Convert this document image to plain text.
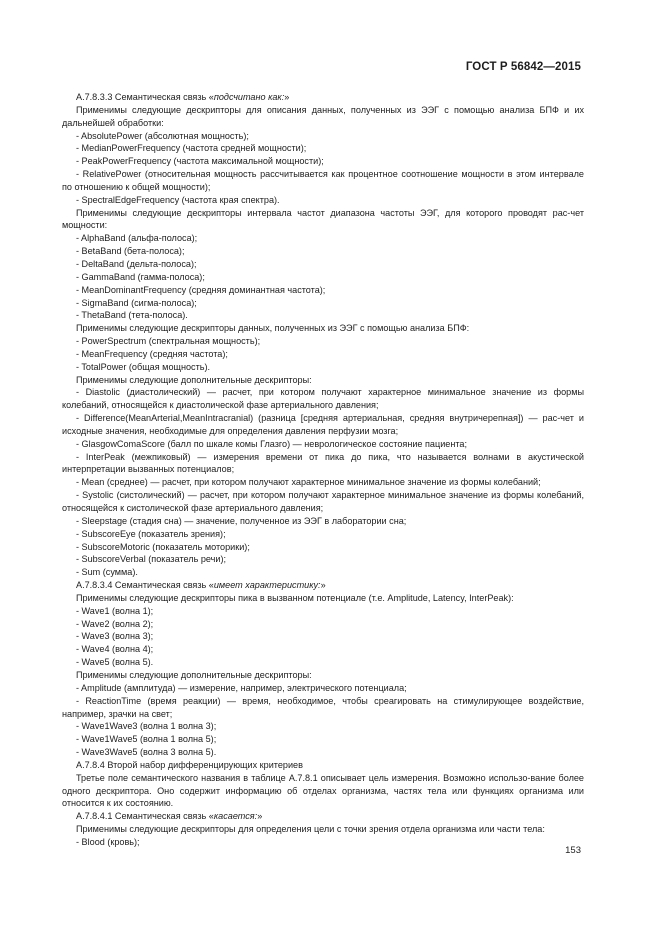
ГОСТ Р 56842—2015
А.7.8.3.3 Семантическая связь «подсчитано как:»
Применимы следующие дескрипторы для описания данных, полученных из ЭЭГ с помощью анализа БПФ и их дальнейшей обработки:
- AbsolutePower (абсолютная мощность);
- MedianPowerFrequency (частота средней мощности);
- PeakPowerFrequency (частота максимальной мощности);
- RelativePower (относительная мощность рассчитывается как процентное соотношение мощности в этом интервале по отношению к общей мощности);
- SpectralEdgeFrequency (частота края спектра).
Применимы следующие дескрипторы интервала частот диапазона частоты ЭЭГ, для которого проводят рас-чет мощности:
- AlphaBand (альфа-полоса);
- BetaBand (бета-полоса);
- DeltaBand (дельта-полоса);
- GammaBand (гамма-полоса);
- MeanDominantFrequency (средняя доминантная частота);
- SigmaBand (сигма-полоса);
- ThetaBand (тета-полоса).
Применимы следующие дескрипторы данных, полученных из ЭЭГ с помощью анализа БПФ:
- PowerSpectrum (спектральная мощность);
- MeanFrequency (средняя частота);
- TotalPower (общая мощность).
Применимы следующие дополнительные дескрипторы:
- Diastolic (диастолический) — расчет, при котором получают характерное минимальное значение из формы колебаний, относящейся к диастолической фазе артериального давления;
- Difference(MeanArterial,MeanIntracranial) (разница [средняя артериальная, средняя внутричерепная]) — рас-чет и исходные значения, необходимые для определения давления перфузии мозга;
- GlasgowComaScore (балл по шкале комы Глазго) — неврологическое состояние пациента;
- InterPeak (межпиковый) — измерения времени от пика до пика, что называется волнами в акустической интерпретации вызванных потенциалов;
- Mean (среднее) — расчет, при котором получают характерное минимальное значение из формы колебаний;
- Systolic (систолический) — расчет, при котором получают характерное минимальное значение из формы колебаний, относящейся к систолической фазе артериального давления;
- Sleepstage (стадия сна) — значение, полученное из ЭЭГ в лаборатории сна;
- SubscoreEye (показатель зрения);
- SubscoreMotoric (показатель моторики);
- SubscoreVerbal (показатель речи);
- Sum (сумма).
А.7.8.3.4 Семантическая связь «имеет характеристику:»
Применимы следующие дескрипторы пика в вызванном потенциале (т.е. Amplitude, Latency, InterPeak):
- Wave1 (волна 1);
- Wave2 (волна 2);
- Wave3 (волна 3);
- Wave4 (волна 4);
- Wave5 (волна 5).
Применимы следующие дополнительные дескрипторы:
- Amplitude (амплитуда) — измерение, например, электрического потенциала;
- ReactionTime (время реакции) — время, необходимое, чтобы среагировать на стимулирующее воздействие, например, зрачки на свет;
- Wave1Wave3 (волна 1 волна 3);
- Wave1Wave5 (волна 1 волна 5);
- Wave3Wave5 (волна 3 волна 5).
А.7.8.4 Второй набор дифференцирующих критериев
Третье поле семантического названия в таблице А.7.8.1 описывает цель измерения. Возможно использо-вание более одного дескриптора. Оно содержит информацию об отделах организма, частях тела или функциях организма или относится к их состоянию.
А.7.8.4.1 Семантическая связь «касается:»
Применимы следующие дескрипторы для определения цели с точки зрения отдела организма или части тела:
- Blood (кровь);
153
